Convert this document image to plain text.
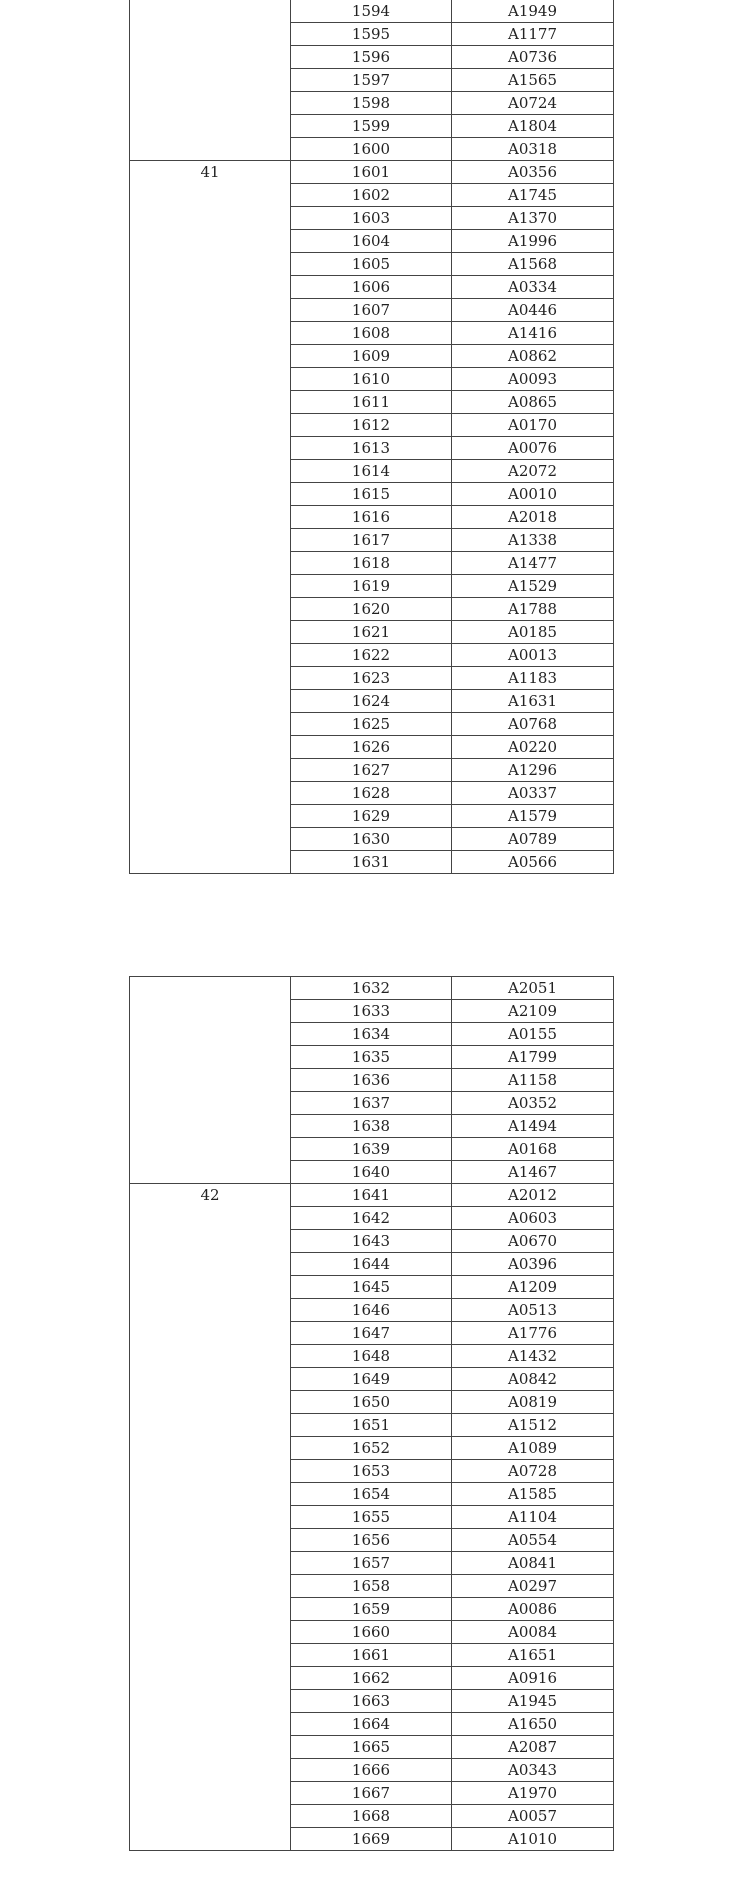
	1594	A1949
	1595	A1177
	1596	A0736
	1597	A1565
	1598	A0724
	1599	A1804
	1600	A0318
41	1601	A0356
	1602	A1745
	1603	A1370
	1604	A1996
	1605	A1568
	1606	A0334
	1607	A0446
	1608	A1416
	1609	A0862
	1610	A0093
	1611	A0865
	1612	A0170
	1613	A0076
	1614	A2072
	1615	A0010
	1616	A2018
	1617	A1338
	1618	A1477
	1619	A1529
	1620	A1788
	1621	A0185
	1622	A0013
	1623	A1183
	1624	A1631
	1625	A0768
	1626	A0220
	1627	A1296
	1628	A0337
	1629	A1579
	1630	A0789
	1631	A0566
	1632	A2051
	1633	A2109
	1634	A0155
	1635	A1799
	1636	A1158
	1637	A0352
	1638	A1494
	1639	A0168
	1640	A1467
42	1641	A2012
	1642	A0603
	1643	A0670
	1644	A0396
	1645	A1209
	1646	A0513
	1647	A1776
	1648	A1432
	1649	A0842
	1650	A0819
	1651	A1512
	1652	A1089
	1653	A0728
	1654	A1585
	1655	A1104
	1656	A0554
	1657	A0841
	1658	A0297
	1659	A0086
	1660	A0084
	1661	A1651
	1662	A0916
	1663	A1945
	1664	A1650
	1665	A2087
	1666	A0343
	1667	A1970
	1668	A0057
	1669	A1010
